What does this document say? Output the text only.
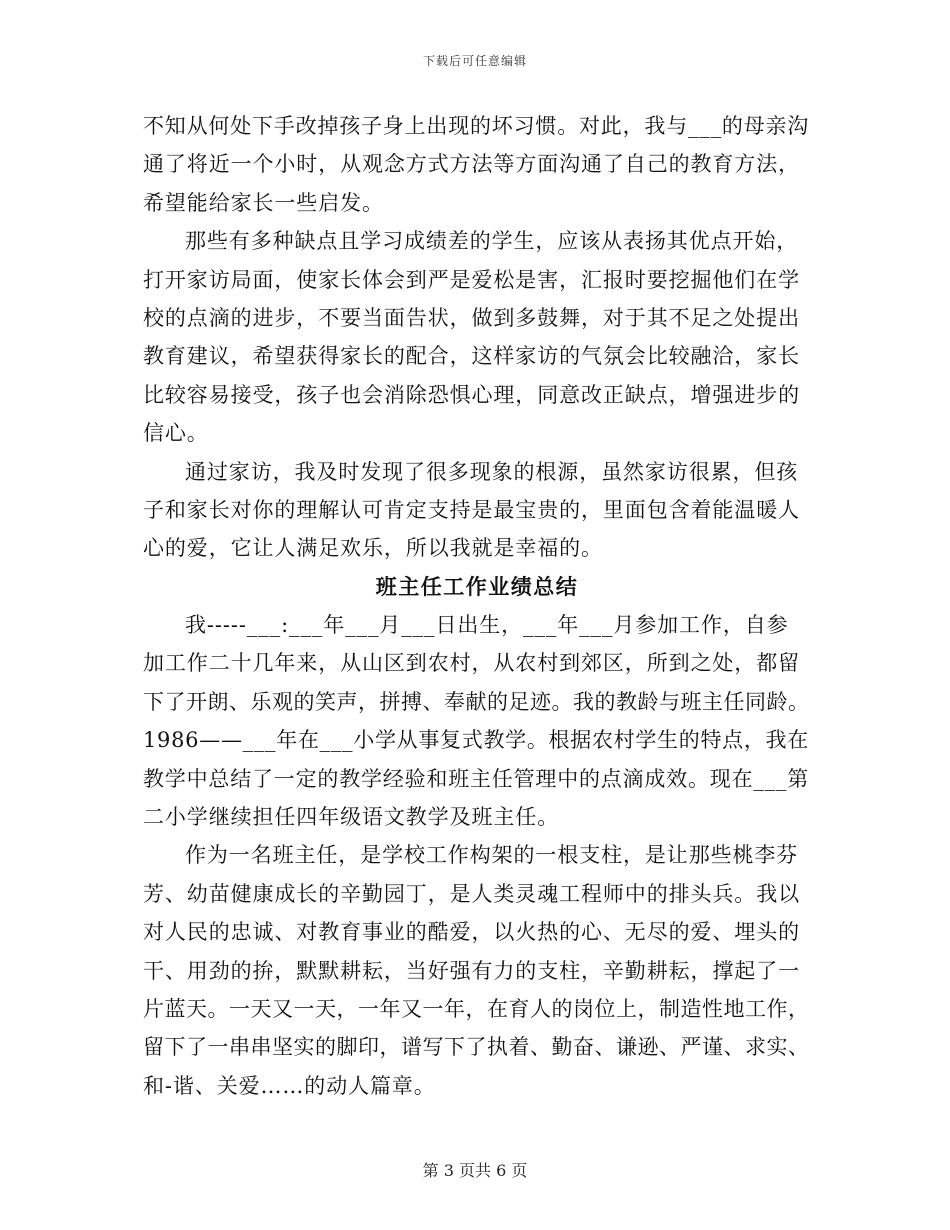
下载后可任意编辑
不知从何处下手改掉孩子身上出现的坏习惯。对此，我与___的母亲沟
通了将近一个小时，从观念方式方法等方面沟通了自己的教育方法，
希望能给家长一些启发。
那些有多种缺点且学习成绩差的学生，应该从表扬其优点开始，
打开家访局面，使家长体会到严是爱松是害，汇报时要挖掘他们在学
校的点滴的进步，不要当面告状，做到多鼓舞，对于其不足之处提出
教育建议，希望获得家长的配合，这样家访的气氛会比较融洽，家长
比较容易接受，孩子也会消除恐惧心理，同意改正缺点，增强进步的
信心。
通过家访，我及时发现了很多现象的根源，虽然家访很累，但孩
子和家长对你的理解认可肯定支持是最宝贵的，里面包含着能温暖人
心的爱，它让人满足欢乐，所以我就是幸福的。
班主任工作业绩总结
我-----___:___年___月___日出生，___年___月参加工作，自参
加工作二十几年来，从山区到农村，从农村到郊区，所到之处，都留
下了开朗、乐观的笑声，拼搏、奉献的足迹。我的教龄与班主任同龄。
1986——___年在___小学从事复式教学。根据农村学生的特点，我在
教学中总结了一定的教学经验和班主任管理中的点滴成效。现在___第
二小学继续担任四年级语文教学及班主任。
作为一名班主任，是学校工作构架的一根支柱，是让那些桃李芬
芳、幼苗健康成长的辛勤园丁，是人类灵魂工程师中的排头兵。我以
对人民的忠诚、对教育事业的酷爱，以火热的心、无尽的爱、埋头的
干、用劲的拚，默默耕耘，当好强有力的支柱，辛勤耕耘，撑起了一
片蓝天。一天又一天，一年又一年，在育人的岗位上，制造性地工作，
留下了一串串坚实的脚印，谱写下了执着、勤奋、谦逊、严谨、求实、
和-谐、关爱……的动人篇章。
第 3 页共 6 页
